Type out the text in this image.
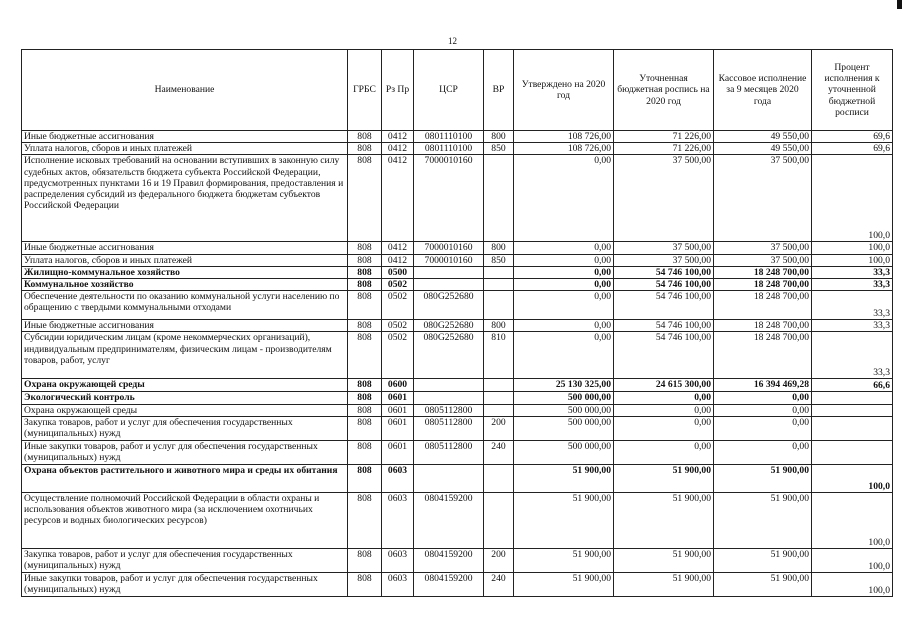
12
Наименование	ГРБС	Рз Пр	ЦСР	ВР	Утверждено на 2020 год	Уточненная бюджетная роспись на 2020 год	Кассовое исполнение за 9 месяцев 2020 года	Процент исполнения к уточненной бюджетной росписи
Иные бюджетные ассигнования	808	0412	0801110100	800	108 726,00	71 226,00	49 550,00	69,6
Уплата налогов, сборов и иных платежей	808	0412	0801110100	850	108 726,00	71 226,00	49 550,00	69,6
Исполнение исковых требований на основании вступивших в законную силу судебных актов, обязательств бюджета субъекта Российской Федерации, предусмотренных пунктами 16 и 19 Правил формирования, предоставления и распределения субсидий из федерального бюджета бюджетам субъектов Российской Федерации	808	0412	7000010160		0,00	37 500,00	37 500,00	100,0
Иные бюджетные ассигнования	808	0412	7000010160	800	0,00	37 500,00	37 500,00	100,0
Уплата налогов, сборов и иных платежей	808	0412	7000010160	850	0,00	37 500,00	37 500,00	100,0
Жилищно-коммунальное хозяйство	808	0500			0,00	54 746 100,00	18 248 700,00	33,3
Коммунальное хозяйство	808	0502			0,00	54 746 100,00	18 248 700,00	33,3
Обеспечение деятельности по оказанию коммунальной услуги населению по обращению с твердыми коммунальными отходами	808	0502	080G252680		0,00	54 746 100,00	18 248 700,00	33,3
Иные бюджетные ассигнования	808	0502	080G252680	800	0,00	54 746 100,00	18 248 700,00	33,3
Субсидии юридическим лицам (кроме некоммерческих организаций), индивидуальным предпринимателям, физическим лицам - производителям товаров, работ, услуг	808	0502	080G252680	810	0,00	54 746 100,00	18 248 700,00	33,3
Охрана окружающей среды	808	0600			25 130 325,00	24 615 300,00	16 394 469,28	66,6
Экологический контроль	808	0601			500 000,00	0,00	0,00	
Охрана окружающей среды	808	0601	0805112800		500 000,00	0,00	0,00	
Закупка товаров, работ и услуг для обеспечения государственных (муниципальных) нужд	808	0601	0805112800	200	500 000,00	0,00	0,00	
Иные закупки товаров, работ и услуг для обеспечения государственных (муниципальных) нужд	808	0601	0805112800	240	500 000,00	0,00	0,00	
Охрана объектов растительного и животного мира и среды их обитания	808	0603			51 900,00	51 900,00	51 900,00	100,0
Осуществление полномочий Российской Федерации в области охраны и использования объектов животного мира (за исключением охотничьих ресурсов и водных биологических ресурсов)	808	0603	0804159200		51 900,00	51 900,00	51 900,00	100,0
Закупка товаров, работ и услуг для обеспечения государственных (муниципальных) нужд	808	0603	0804159200	200	51 900,00	51 900,00	51 900,00	100,0
Иные закупки товаров, работ и услуг для обеспечения государственных (муниципальных) нужд	808	0603	0804159200	240	51 900,00	51 900,00	51 900,00	100,0
